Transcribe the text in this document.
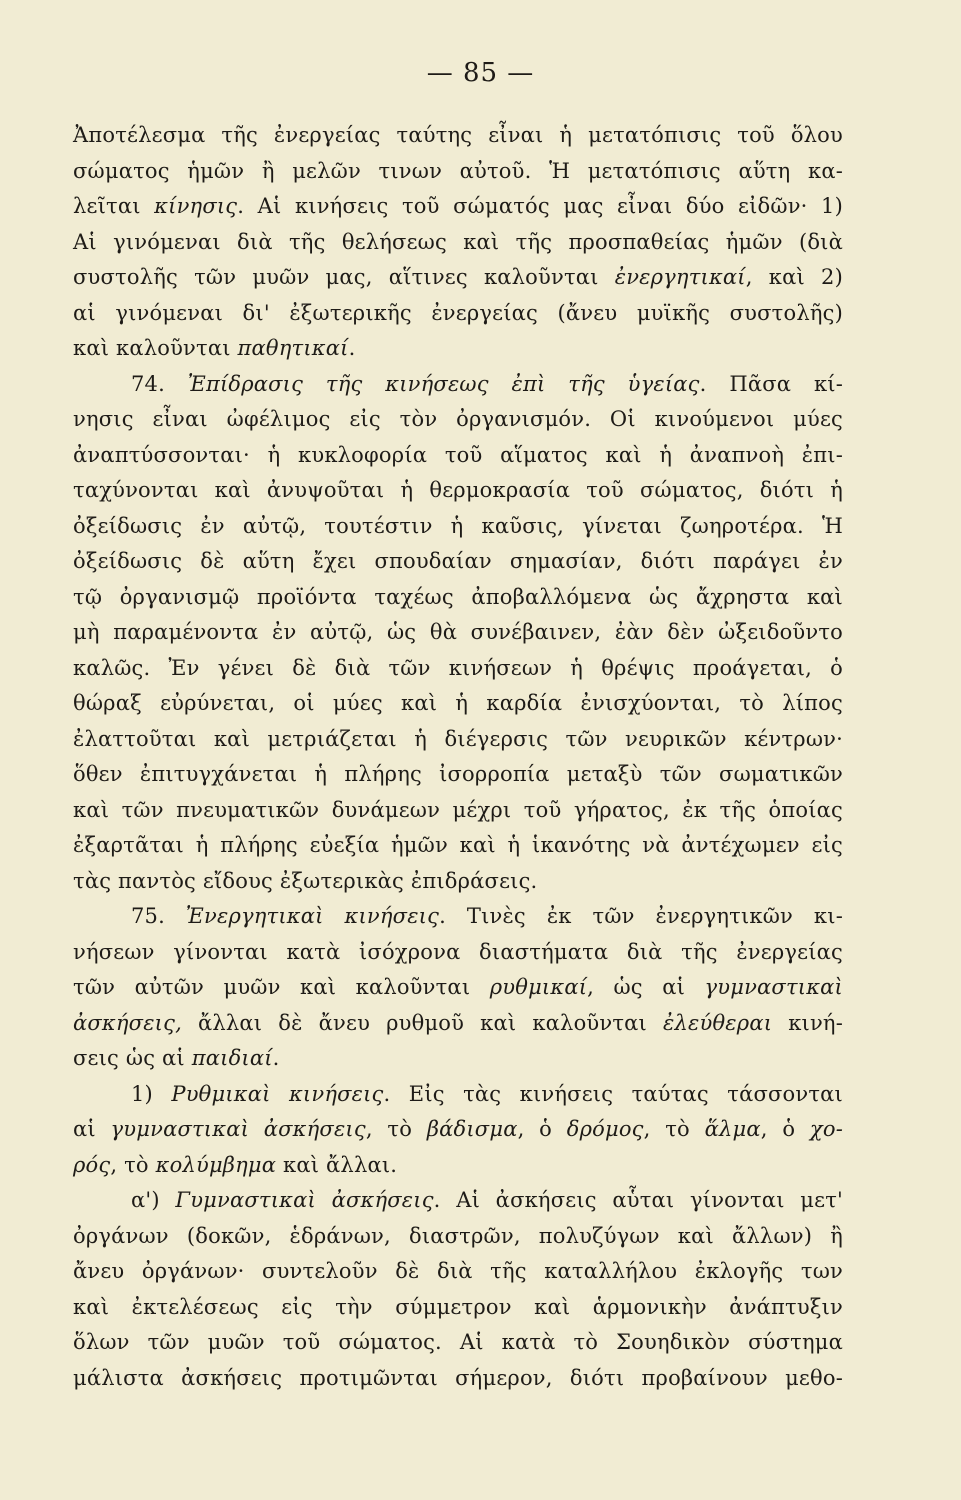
— 85 —
Ἀποτέλεσμα τῆς ἐνεργείας ταύτης εἶναι ἡ μετατόπισις τοῦ ὅλου
σώματος ἡμῶν ἢ μελῶν τινων αὐτοῦ. Ἡ μετατόπισις αὕτη κα-
λεῖται κίνησις. Αἱ κινήσεις τοῦ σώματός μας εἶναι δύο εἰδῶν· 1)
Αἱ γινόμεναι διὰ τῆς θελήσεως καὶ τῆς προσπαθείας ἡμῶν (διὰ
συστολῆς τῶν μυῶν μας, αἵτινες καλοῦνται ἐνεργητικαί, καὶ 2)
αἱ γινόμεναι δι' ἐξωτερικῆς ἐνεργείας (ἄνευ μυϊκῆς συστολῆς)
καὶ καλοῦνται παθητικαί.
74. Ἐπίδρασις τῆς κινήσεως ἐπὶ τῆς ὑγείας. Πᾶσα κί-
νησις εἶναι ὠφέλιμος εἰς τὸν ὀργανισμόν. Οἱ κινούμενοι μύες
ἀναπτύσσονται· ἡ κυκλοφορία τοῦ αἵματος καὶ ἡ ἀναπνοὴ ἐπι-
ταχύνονται καὶ ἀνυψοῦται ἡ θερμοκρασία τοῦ σώματος, διότι ἡ
ὀξείδωσις ἐν αὐτῷ, τουτέστιν ἡ καῦσις, γίνεται ζωηροτέρα. Ἡ
ὀξείδωσις δὲ αὕτη ἔχει σπουδαίαν σημασίαν, διότι παράγει ἐν
τῷ ὀργανισμῷ προϊόντα ταχέως ἀποβαλλόμενα ὡς ἄχρηστα καὶ
μὴ παραμένοντα ἐν αὐτῷ, ὡς θὰ συνέβαινεν, ἐὰν δὲν ὠξειδοῦντο
καλῶς. Ἐν γένει δὲ διὰ τῶν κινήσεων ἡ θρέψις προάγεται, ὁ
θώραξ εὐρύνεται, οἱ μύες καὶ ἡ καρδία ἐνισχύονται, τὸ λίπος
ἐλαττοῦται καὶ μετριάζεται ἡ διέγερσις τῶν νευρικῶν κέντρων·
ὅθεν ἐπιτυγχάνεται ἡ πλήρης ἰσορροπία μεταξὺ τῶν σωματικῶν
καὶ τῶν πνευματικῶν δυνάμεων μέχρι τοῦ γήρατος, ἐκ τῆς ὁποίας
ἐξαρτᾶται ἡ πλήρης εὐεξία ἡμῶν καὶ ἡ ἱκανότης νὰ ἀντέχωμεν εἰς
τὰς παντὸς εἴδους ἐξωτερικὰς ἐπιδράσεις.
75. Ἐνεργητικαὶ κινήσεις. Τινὲς ἐκ τῶν ἐνεργητικῶν κι-
νήσεων γίνονται κατὰ ἰσόχρονα διαστήματα διὰ τῆς ἐνεργείας
τῶν αὐτῶν μυῶν καὶ καλοῦνται ρυθμικαί, ὡς αἱ γυμναστικαὶ
ἀσκήσεις, ἄλλαι δὲ ἄνευ ρυθμοῦ καὶ καλοῦνται ἐλεύθεραι κινή-
σεις ὡς αἱ παιδιαί.
1) Ρυθμικαὶ κινήσεις. Εἰς τὰς κινήσεις ταύτας τάσσονται
αἱ γυμναστικαὶ ἀσκήσεις, τὸ βάδισμα, ὁ δρόμος, τὸ ἅλμα, ὁ χο-
ρός, τὸ κολύμβημα καὶ ἄλλαι.
α') Γυμναστικαὶ ἀσκήσεις. Αἱ ἀσκήσεις αὗται γίνονται μετ'
ὀργάνων (δοκῶν, ἑδράνων, διαστρῶν, πολυζύγων καὶ ἄλλων) ἢ
ἄνευ ὀργάνων· συντελοῦν δὲ διὰ τῆς καταλλήλου ἐκλογῆς των
καὶ ἐκτελέσεως εἰς τὴν σύμμετρον καὶ ἁρμονικὴν ἀνάπτυξιν
ὅλων τῶν μυῶν τοῦ σώματος. Αἱ κατὰ τὸ Σουηδικὸν σύστημα
μάλιστα ἀσκήσεις προτιμῶνται σήμερον, διότι προβαίνουν μεθο-
